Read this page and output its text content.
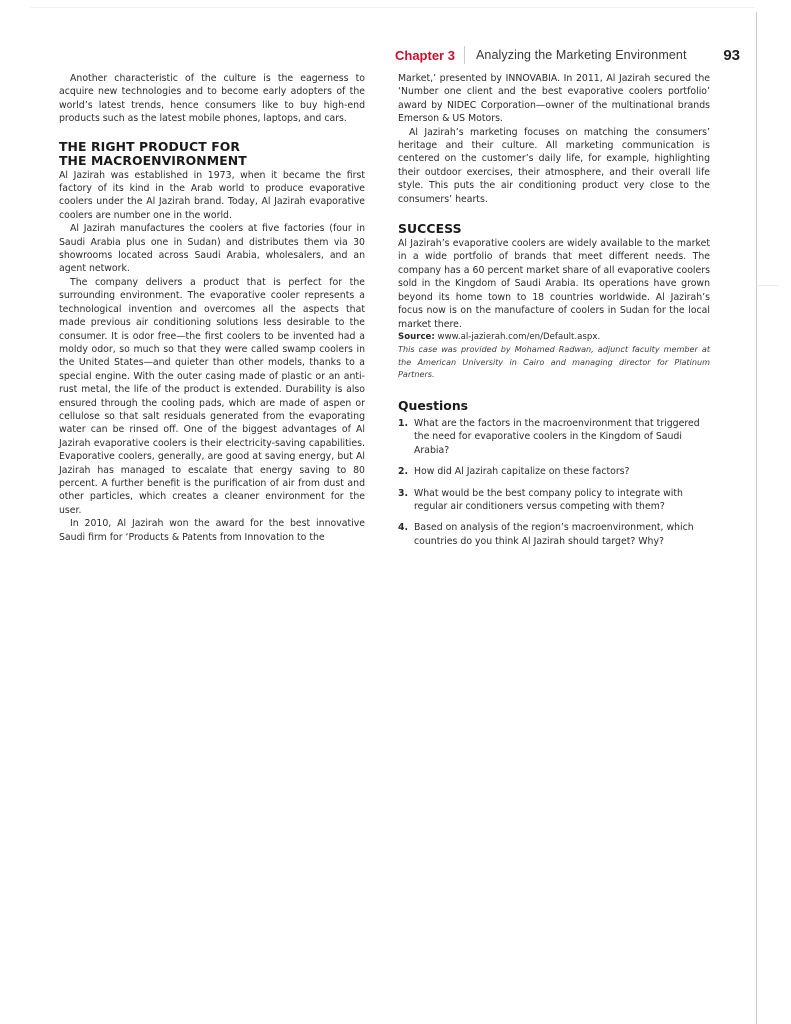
Chapter 3 Analyzing the Marketing Environment	93

Another characteristic of the culture is the eagerness to acquire new technologies and to become early adopters of the world’s latest trends, hence consumers like to buy high-end products such as the latest mobile phones, laptops, and cars.

THE RIGHT PRODUCT FOR
THE MACROENVIRONMENT

Al Jazirah was established in 1973, when it became the first factory of its kind in the Arab world to produce evaporative coolers under the Al Jazirah brand. Today, Al Jazirah evaporative coolers are number one in the world.

Al Jazirah manufactures the coolers at five factories (four in Saudi Arabia plus one in Sudan) and distributes them via 30 showrooms located across Saudi Arabia, wholesalers, and an agent network.

The company delivers a product that is perfect for the surrounding environment. The evaporative cooler represents a technological invention and overcomes all the aspects that made previous air conditioning solutions less desirable to the consumer. It is odor free—the first coolers to be invented had a moldy odor, so much so that they were called swamp coolers in the United States—and quieter than other models, thanks to a special engine. With the outer casing made of plastic or an anti-rust metal, the life of the product is extended. Durability is also ensured through the cooling pads, which are made of aspen or cellulose so that salt residuals generated from the evaporating water can be rinsed off. One of the biggest advantages of Al Jazirah evaporative coolers is their electricity-saving capabilities. Evaporative coolers, generally, are good at saving energy, but Al Jazirah has managed to escalate that energy saving to 80 percent. A further benefit is the purification of air from dust and other particles, which creates a cleaner environment for the user.

In 2010, Al Jazirah won the award for the best innovative Saudi firm for ‘Products & Patents from Innovation to the

Market,’ presented by INNOVABIA. In 2011, Al Jazirah secured the ‘Number one client and the best evaporative coolers portfolio’ award by NIDEC Corporation—owner of the multinational brands Emerson & US Motors.

Al Jazirah’s marketing focuses on matching the consumers’ heritage and their culture. All marketing communication is centered on the customer’s daily life, for example, highlighting their outdoor exercises, their atmosphere, and their overall life style. This puts the air conditioning product very close to the consumers’ hearts.

SUCCESS

Al Jazirah’s evaporative coolers are widely available to the market in a wide portfolio of brands that meet different needs. The company has a 60 percent market share of all evaporative coolers sold in the Kingdom of Saudi Arabia. Its operations have grown beyond its home town to 18 countries worldwide. Al Jazirah’s focus now is on the manufacture of coolers in Sudan for the local market there.

Source: www.al-jazierah.com/en/Default.aspx.

This case was provided by Mohamed Radwan, adjunct faculty member at the American University in Cairo and managing director for Platinum Partners.

Questions
1. What are the factors in the macroenvironment that triggered the need for evaporative coolers in the Kingdom of Saudi Arabia?
2. How did Al Jazirah capitalize on these factors?
3. What would be the best company policy to integrate with regular air conditioners versus competing with them?
4. Based on analysis of the region’s macroenvironment, which countries do you think Al Jazirah should target? Why?
